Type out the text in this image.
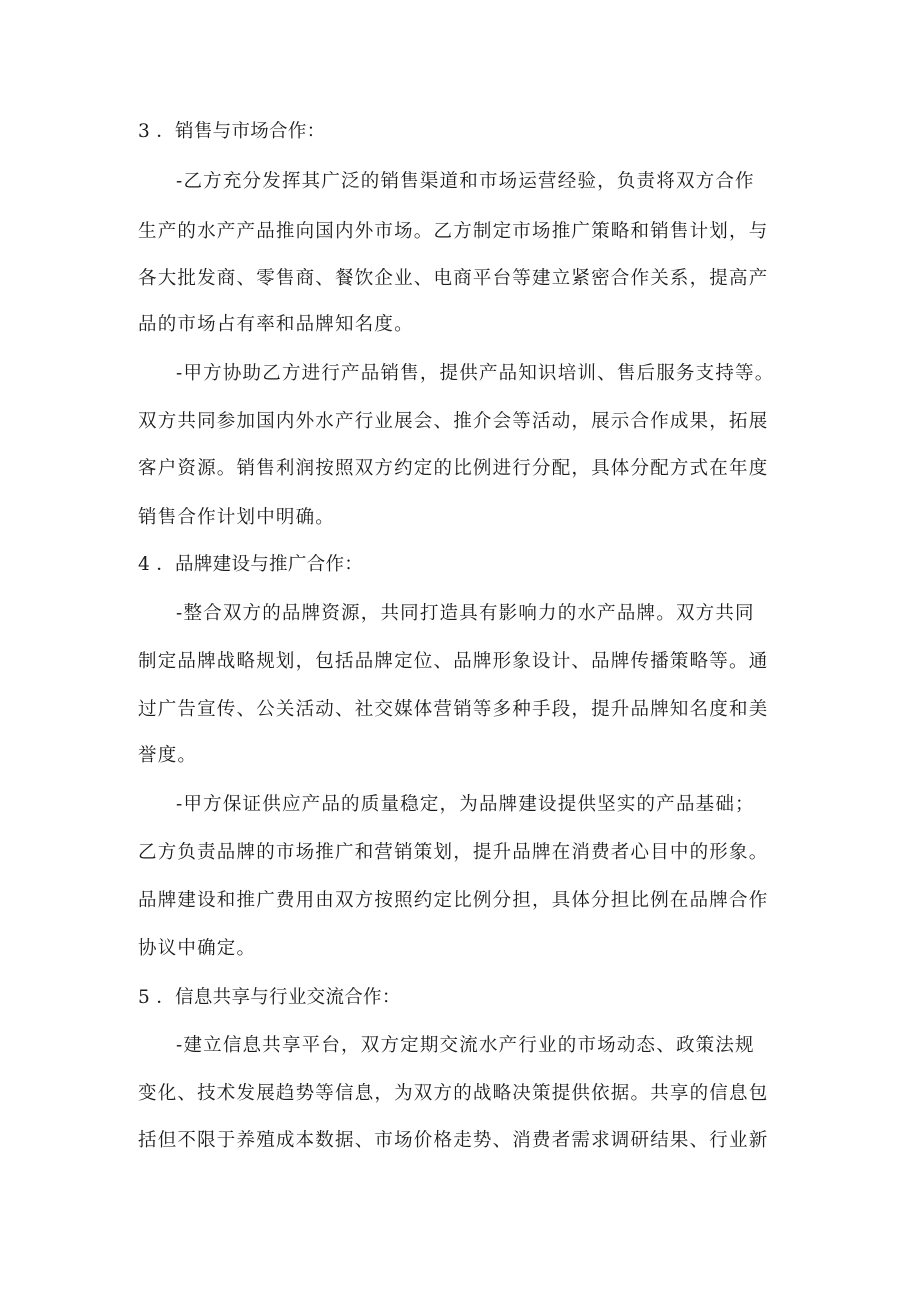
3 ．销售与市场合作：
-乙方充分发挥其广泛的销售渠道和市场运营经验，负责将双方合作
生产的水产产品推向国内外市场。乙方制定市场推广策略和销售计划，与
各大批发商、零售商、餐饮企业、电商平台等建立紧密合作关系，提高产
品的市场占有率和品牌知名度。
-甲方协助乙方进行产品销售，提供产品知识培训、售后服务支持等。
双方共同参加国内外水产行业展会、推介会等活动，展示合作成果，拓展
客户资源。销售利润按照双方约定的比例进行分配，具体分配方式在年度
销售合作计划中明确。
4 ．品牌建设与推广合作：
-整合双方的品牌资源，共同打造具有影响力的水产品牌。双方共同
制定品牌战略规划，包括品牌定位、品牌形象设计、品牌传播策略等。通
过广告宣传、公关活动、社交媒体营销等多种手段，提升品牌知名度和美
誉度。
-甲方保证供应产品的质量稳定，为品牌建设提供坚实的产品基础；
乙方负责品牌的市场推广和营销策划，提升品牌在消费者心目中的形象。
品牌建设和推广费用由双方按照约定比例分担，具体分担比例在品牌合作
协议中确定。
5 ．信息共享与行业交流合作：
-建立信息共享平台，双方定期交流水产行业的市场动态、政策法规
变化、技术发展趋势等信息，为双方的战略决策提供依据。共享的信息包
括但不限于养殖成本数据、市场价格走势、消费者需求调研结果、行业新
